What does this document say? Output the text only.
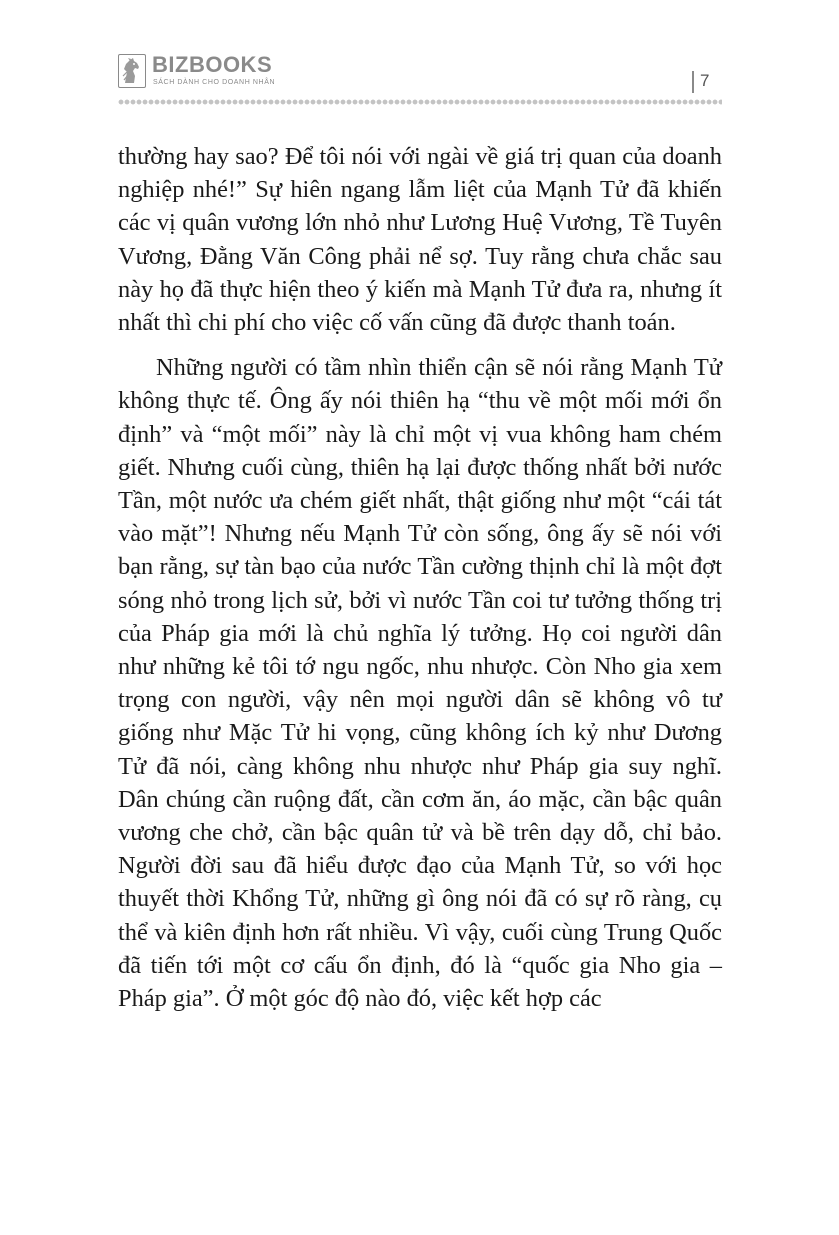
BIZBOOKS
SÁCH DÀNH CHO DOANH NHÂN	7

thường hay sao? Để tôi nói với ngài về giá trị quan của doanh nghiệp nhé!” Sự hiên ngang lẫm liệt của Mạnh Tử đã khiến các vị quân vương lớn nhỏ như Lương Huệ Vương, Tề Tuyên Vương, Đằng Văn Công phải nể sợ. Tuy rằng chưa chắc sau này họ đã thực hiện theo ý kiến mà Mạnh Tử đưa ra, nhưng ít nhất thì chi phí cho việc cố vấn cũng đã được thanh toán.

Những người có tầm nhìn thiển cận sẽ nói rằng Mạnh Tử không thực tế. Ông ấy nói thiên hạ “thu về một mối mới ổn định” và “một mối” này là chỉ một vị vua không ham chém giết. Nhưng cuối cùng, thiên hạ lại được thống nhất bởi nước Tần, một nước ưa chém giết nhất, thật giống như một “cái tát vào mặt”! Nhưng nếu Mạnh Tử còn sống, ông ấy sẽ nói với bạn rằng, sự tàn bạo của nước Tần cường thịnh chỉ là một đợt sóng nhỏ trong lịch sử, bởi vì nước Tần coi tư tưởng thống trị của Pháp gia mới là chủ nghĩa lý tưởng. Họ coi người dân như những kẻ tôi tớ ngu ngốc, nhu nhược. Còn Nho gia xem trọng con người, vậy nên mọi người dân sẽ không vô tư giống như Mặc Tử hi vọng, cũng không ích kỷ như Dương Tử đã nói, càng không nhu nhược như Pháp gia suy nghĩ. Dân chúng cần ruộng đất, cần cơm ăn, áo mặc, cần bậc quân vương che chở, cần bậc quân tử và bề trên dạy dỗ, chỉ bảo. Người đời sau đã hiểu được đạo của Mạnh Tử, so với học thuyết thời Khổng Tử, những gì ông nói đã có sự rõ ràng, cụ thể và kiên định hơn rất nhiều. Vì vậy, cuối cùng Trung Quốc đã tiến tới một cơ cấu ổn định, đó là “quốc gia Nho gia – Pháp gia”. Ở một góc độ nào đó, việc kết hợp các
